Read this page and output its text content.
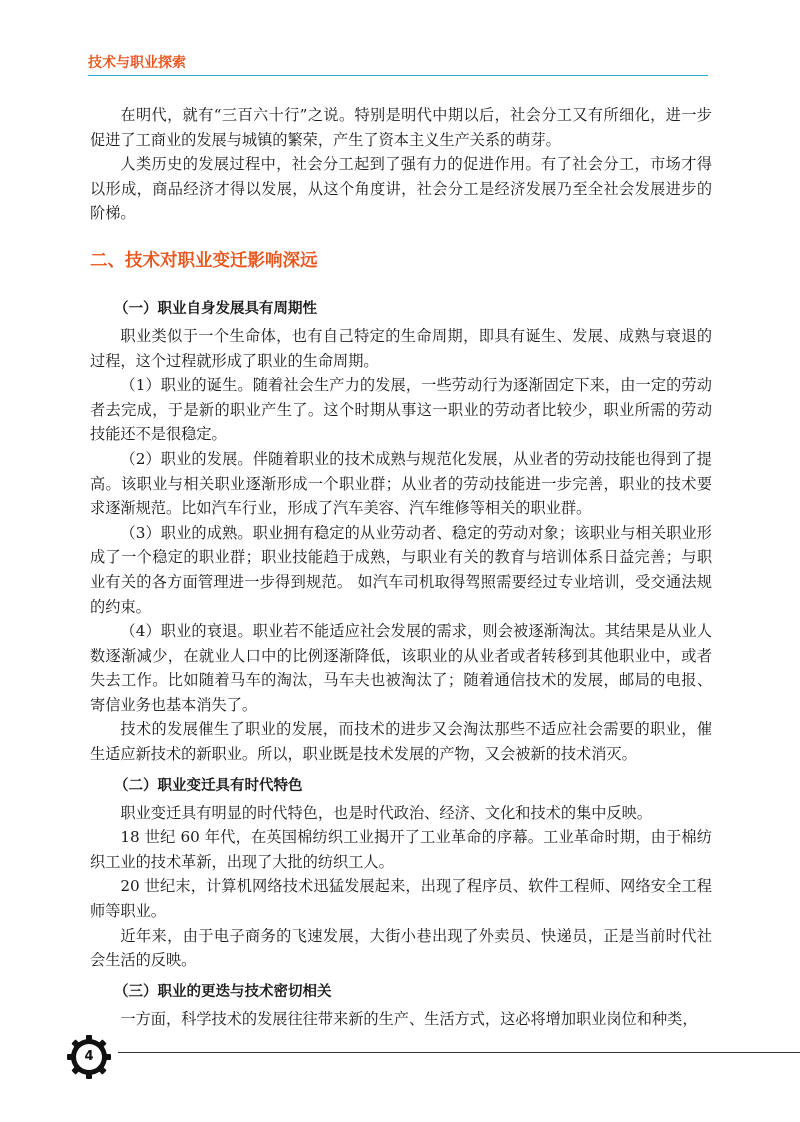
技术与职业探索

在明代，就有“三百六十行”之说。特别是明代中期以后，社会分工又有所细化，进一步促进了工商业的发展与城镇的繁荣，产生了资本主义生产关系的萌芽。

人类历史的发展过程中，社会分工起到了强有力的促进作用。有了社会分工，市场才得以形成，商品经济才得以发展，从这个角度讲，社会分工是经济发展乃至全社会发展进步的阶梯。

二、技术对职业变迁影响深远
（一）职业自身发展具有周期性

职业类似于一个生命体，也有自己特定的生命周期，即具有诞生、发展、成熟与衰退的过程，这个过程就形成了职业的生命周期。

（1）职业的诞生。随着社会生产力的发展，一些劳动行为逐渐固定下来，由一定的劳动者去完成，于是新的职业产生了。这个时期从事这一职业的劳动者比较少，职业所需的劳动技能还不是很稳定。

（2）职业的发展。伴随着职业的技术成熟与规范化发展，从业者的劳动技能也得到了提高。该职业与相关职业逐渐形成一个职业群；从业者的劳动技能进一步完善，职业的技术要求逐渐规范。比如汽车行业，形成了汽车美容、汽车维修等相关的职业群。

（3）职业的成熟。职业拥有稳定的从业劳动者、稳定的劳动对象；该职业与相关职业形成了一个稳定的职业群；职业技能趋于成熟，与职业有关的教育与培训体系日益完善；与职业有关的各方面管理进一步得到规范。 如汽车司机取得驾照需要经过专业培训，受交通法规的约束。

（4）职业的衰退。职业若不能适应社会发展的需求，则会被逐渐淘汰。其结果是从业人数逐渐减少，在就业人口中的比例逐渐降低，该职业的从业者或者转移到其他职业中，或者失去工作。比如随着马车的淘汰，马车夫也被淘汰了；随着通信技术的发展，邮局的电报、寄信业务也基本消失了。

技术的发展催生了职业的发展，而技术的进步又会淘汰那些不适应社会需要的职业，催生适应新技术的新职业。所以，职业既是技术发展的产物，又会被新的技术消灭。

（二）职业变迁具有时代特色

职业变迁具有明显的时代特色，也是时代政治、经济、文化和技术的集中反映。

18 世纪 60 年代，在英国棉纺织工业揭开了工业革命的序幕。工业革命时期，由于棉纺织工业的技术革新，出现了大批的纺织工人。

20 世纪末，计算机网络技术迅猛发展起来，出现了程序员、软件工程师、网络安全工程师等职业。

近年来，由于电子商务的飞速发展，大街小巷出现了外卖员、快递员，正是当前时代社会生活的反映。

（三）职业的更迭与技术密切相关

一方面，科学技术的发展往往带来新的生产、生活方式，这必将增加职业岗位和种类，

4
